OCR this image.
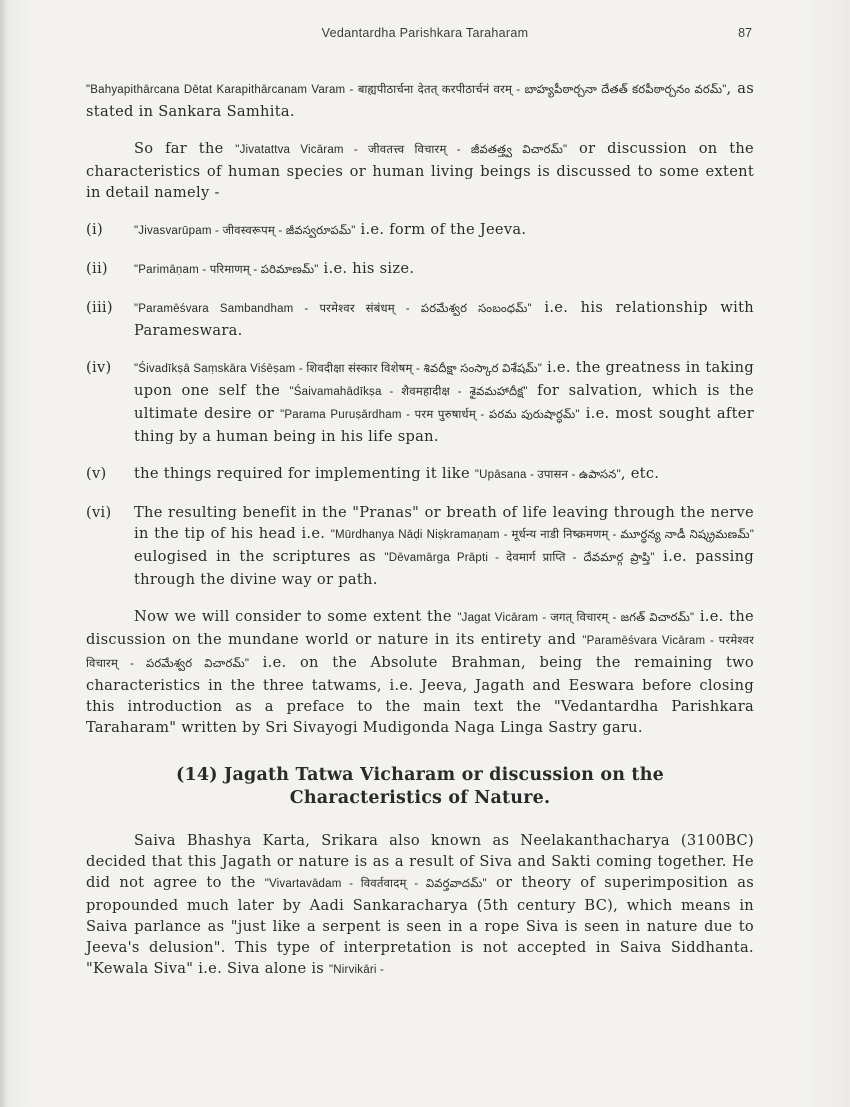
Vedantardha Parishkara Taraharam	87

"Bahyapithārcana Dētat Karapithārcanam Varam - बाह्यपीठार्चना देतत् करपीठार्चनं वरम् - బాహ్యపీఠార్చనా దేతత్ కరపీఠార్చనం వరమ్", as stated in Sankara Samhita.

So far the "Jivatattva Vicāram - जीवतत्त्व विचारम् - జీవతత్త్వ విచారమ్" or discussion on the characteristics of human species or human living beings is discussed to some extent in detail namely -

(i)	"Jivasvarūpam - जीवस्वरूपम् - జీవస్వరూపమ్" i.e. form of the Jeeva.
(ii)	"Parimāṇam - परिमाणम् - పరిమాణమ్" i.e. his size.
(iii)	"Paramēśvara Sambandham - परमेश्वर संबंधम् - పరమేశ్వర సంబంధమ్" i.e. his relationship with Parameswara.
(iv)	"Śivadīkṣā Saṃskāra Viśēṣam - शिवदीक्षा संस्कार विशेषम् - శివదీక్షా సంస్కార విశేషమ్" i.e. the greatness in taking upon one self the "Śaivamahādīkṣa - शैवमहादीक्ष - శైవమహాదీక్ష" for salvation, which is the ultimate desire or "Parama Puruṣārdham - परम पुरुषार्धम् - పరమ పురుషార్ధమ్" i.e. most sought after thing by a human being in his life span.
(v)	the things required for implementing it like "Upāsana - उपासन - ఉపాసన", etc.
(vi)	The resulting benefit in the "Pranas" or breath of life leaving through the nerve in the tip of his head i.e. "Mūrdhanya Nāḍi Niṣkramaṇam - मूर्धन्य नाडी निष्क्रमणम् - మూర్ధన్య నాడీ నిష్క్రమణమ్" eulogised in the scriptures as "Dēvamārga Prāpti - देवमार्ग प्राप्ति - దేవమార్గ ప్రాప్తి" i.e. passing through the divine way or path.

Now we will consider to some extent the "Jagat Vicāram - जगत् विचारम् - జగత్ విచారమ్" i.e. the discussion on the mundane world or nature in its entirety and "Paramēśvara Vicāram - परमेश्वर विचारम् - పరమేశ్వర విచారమ్" i.e. on the Absolute Brahman, being the remaining two characteristics in the three tatwams, i.e. Jeeva, Jagath and Eeswara before closing this introduction as a preface to the main text the "Vedantardha Parishkara Taraharam" written by Sri Sivayogi Mudigonda Naga Linga Sastry garu.

(14) Jagath Tatwa Vicharam or discussion on the
Characteristics of Nature.

Saiva Bhashya Karta, Srikara also known as Neelakanthacharya (3100BC) decided that this Jagath or nature is as a result of Siva and Sakti coming together. He did not agree to the "Vivartavādam - विवर्तवादम् - వివర్తవాదమ్" or theory of superimposition as propounded much later by Aadi Sankaracharya (5th century BC), which means in Saiva parlance as "just like a serpent is seen in a rope Siva is seen in nature due to Jeeva's delusion". This type of interpretation is not accepted in Saiva Siddhanta. "Kewala Siva" i.e. Siva alone is "Nirvikāri -
